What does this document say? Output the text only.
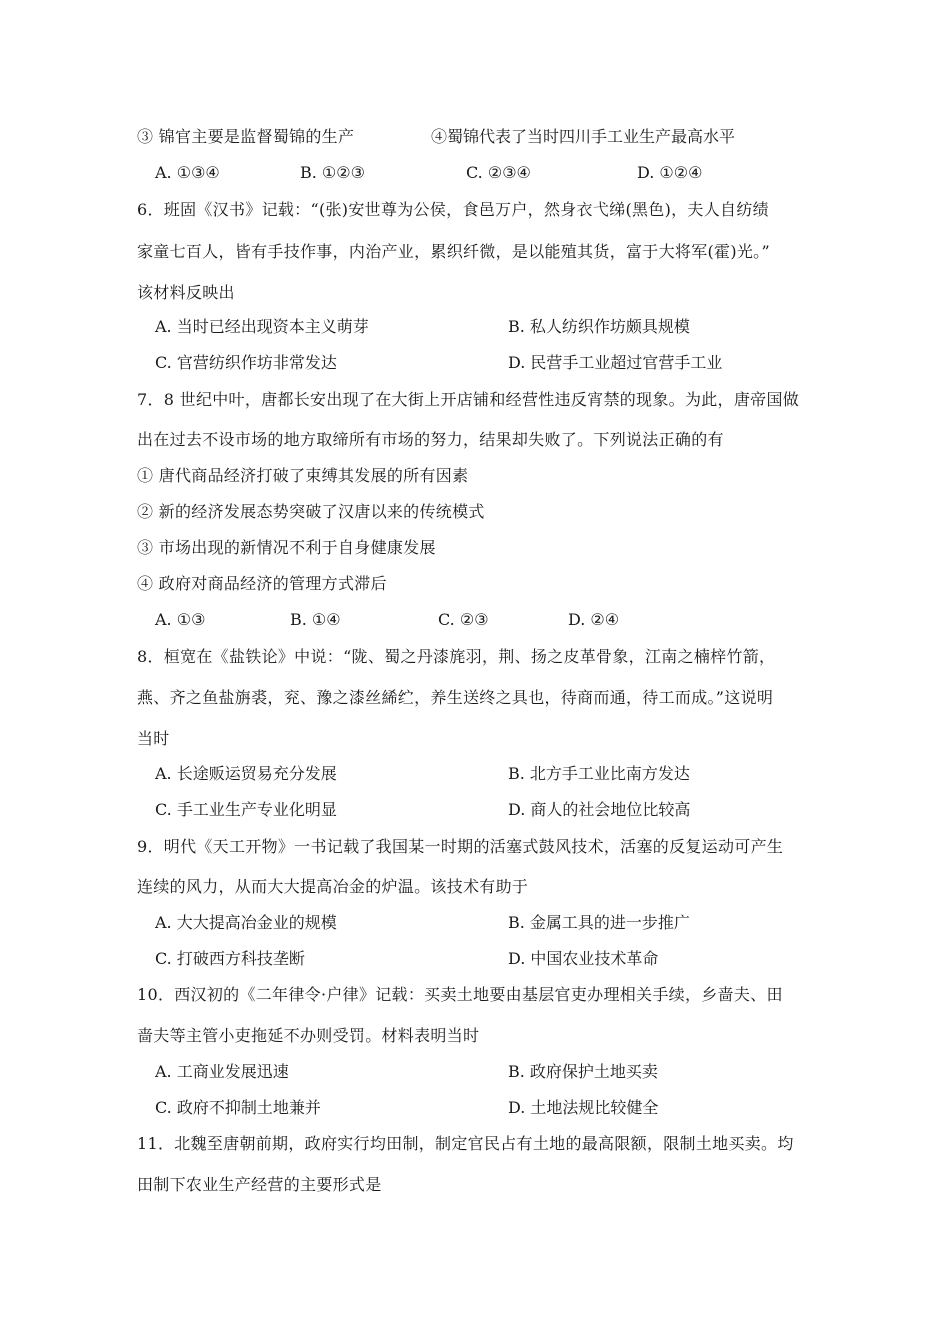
③ 锦官主要是监督蜀锦的生产	④蜀锦代表了当时四川手工业生产最高水平
A. ①③④	B. ①②③	C. ②③④	D. ①②④
6．班固《汉书》记载：“(张)安世尊为公侯，食邑万户，然身衣弋绨(黑色)，夫人自纺绩
家童七百人，皆有手技作事，内治产业，累织纤微，是以能殖其货，富于大将军(霍)光。”
该材料反映出
A. 当时已经出现资本主义萌芽	B. 私人纺织作坊颇具规模
C. 官营纺织作坊非常发达	D. 民营手工业超过官营手工业
7．8 世纪中叶，唐都长安出现了在大街上开店铺和经营性违反宵禁的现象。为此，唐帝国做
出在过去不设市场的地方取缔所有市场的努力，结果却失败了。下列说法正确的有
① 唐代商品经济打破了束缚其发展的所有因素
② 新的经济发展态势突破了汉唐以来的传统模式
③ 市场出现的新情况不利于自身健康发展
④ 政府对商品经济的管理方式滞后
A. ①③	B. ①④	C. ②③	D. ②④
8．桓宽在《盐铁论》中说：“陇、蜀之丹漆旄羽，荆、扬之皮革骨象，江南之楠梓竹箭，
燕、齐之鱼盐旃裘，兖、豫之漆丝絺纻，养生送终之具也，待商而通，待工而成。”这说明
当时
A. 长途贩运贸易充分发展	B. 北方手工业比南方发达
C. 手工业生产专业化明显	D. 商人的社会地位比较高
9．明代《天工开物》一书记载了我国某一时期的活塞式鼓风技术，活塞的反复运动可产生
连续的风力，从而大大提高冶金的炉温。该技术有助于
A. 大大提高冶金业的规模	B. 金属工具的进一步推广
C. 打破西方科技垄断	D. 中国农业技术革命
10．西汉初的《二年律令·户律》记载：买卖土地要由基层官吏办理相关手续，乡啬夫、田
啬夫等主管小吏拖延不办则受罚。材料表明当时
A. 工商业发展迅速	B. 政府保护土地买卖
C. 政府不抑制土地兼并	D. 土地法规比较健全
11．北魏至唐朝前期，政府实行均田制，制定官民占有土地的最高限额，限制土地买卖。均
田制下农业生产经营的主要形式是
